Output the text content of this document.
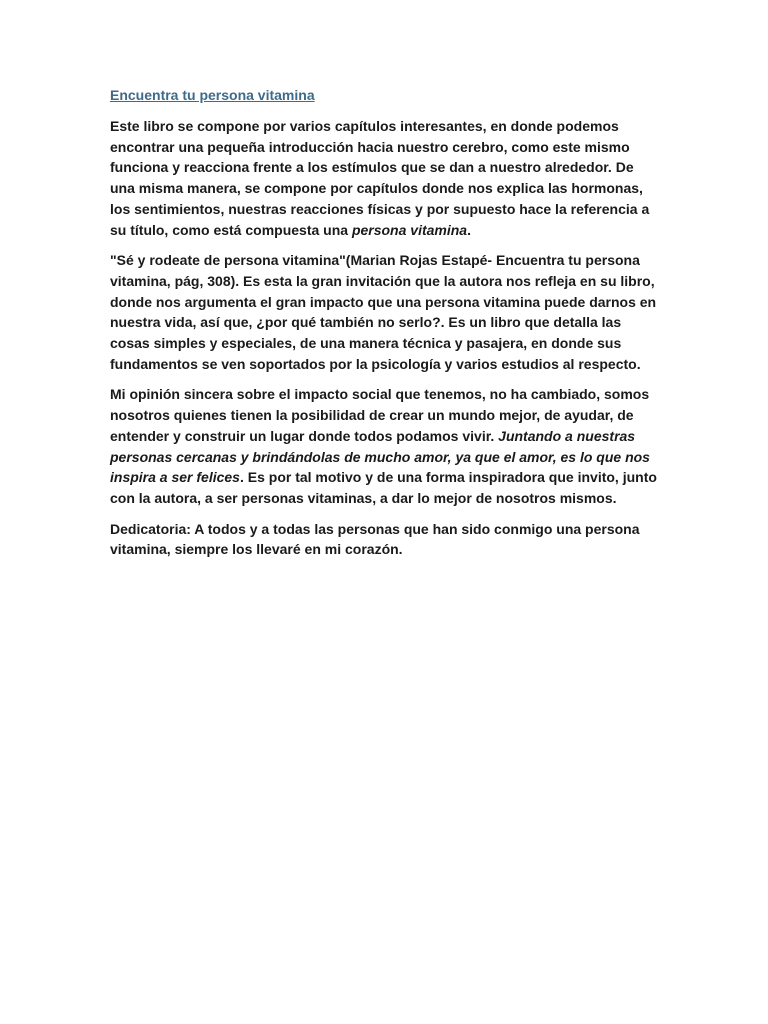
Encuentra tu persona vitamina

Este libro se compone por varios capítulos interesantes, en donde podemos encontrar una pequeña introducción hacia nuestro cerebro, como este mismo funciona y reacciona frente a los estímulos que se dan a nuestro alrededor. De una misma manera, se compone por capítulos donde nos explica las hormonas, los sentimientos, nuestras reacciones físicas y por supuesto hace la referencia a su título, como está compuesta una persona vitamina.

"Sé y rodeate de persona vitamina"(Marian Rojas Estapé- Encuentra tu persona vitamina, pág, 308). Es esta la gran invitación que la autora nos refleja en su libro, donde nos argumenta el gran impacto que una persona vitamina puede darnos en nuestra vida, así que, ¿por qué también no serlo?. Es un libro que detalla las cosas simples y especiales, de una manera técnica y pasajera, en donde sus fundamentos se ven soportados por la psicología y varios estudios al respecto.

Mi opinión sincera sobre el impacto social que tenemos, no ha cambiado, somos nosotros quienes tienen la posibilidad de crear un mundo mejor, de ayudar, de entender y construir un lugar donde todos podamos vivir. Juntando a nuestras personas cercanas y brindándolas de mucho amor, ya que el amor, es lo que nos inspira a ser felices. Es por tal motivo y de una forma inspiradora que invito, junto con la autora, a ser personas vitaminas, a dar lo mejor de nosotros mismos.

Dedicatoria: A todos y a todas las personas que han sido conmigo una persona vitamina, siempre los llevaré en mi corazón.
